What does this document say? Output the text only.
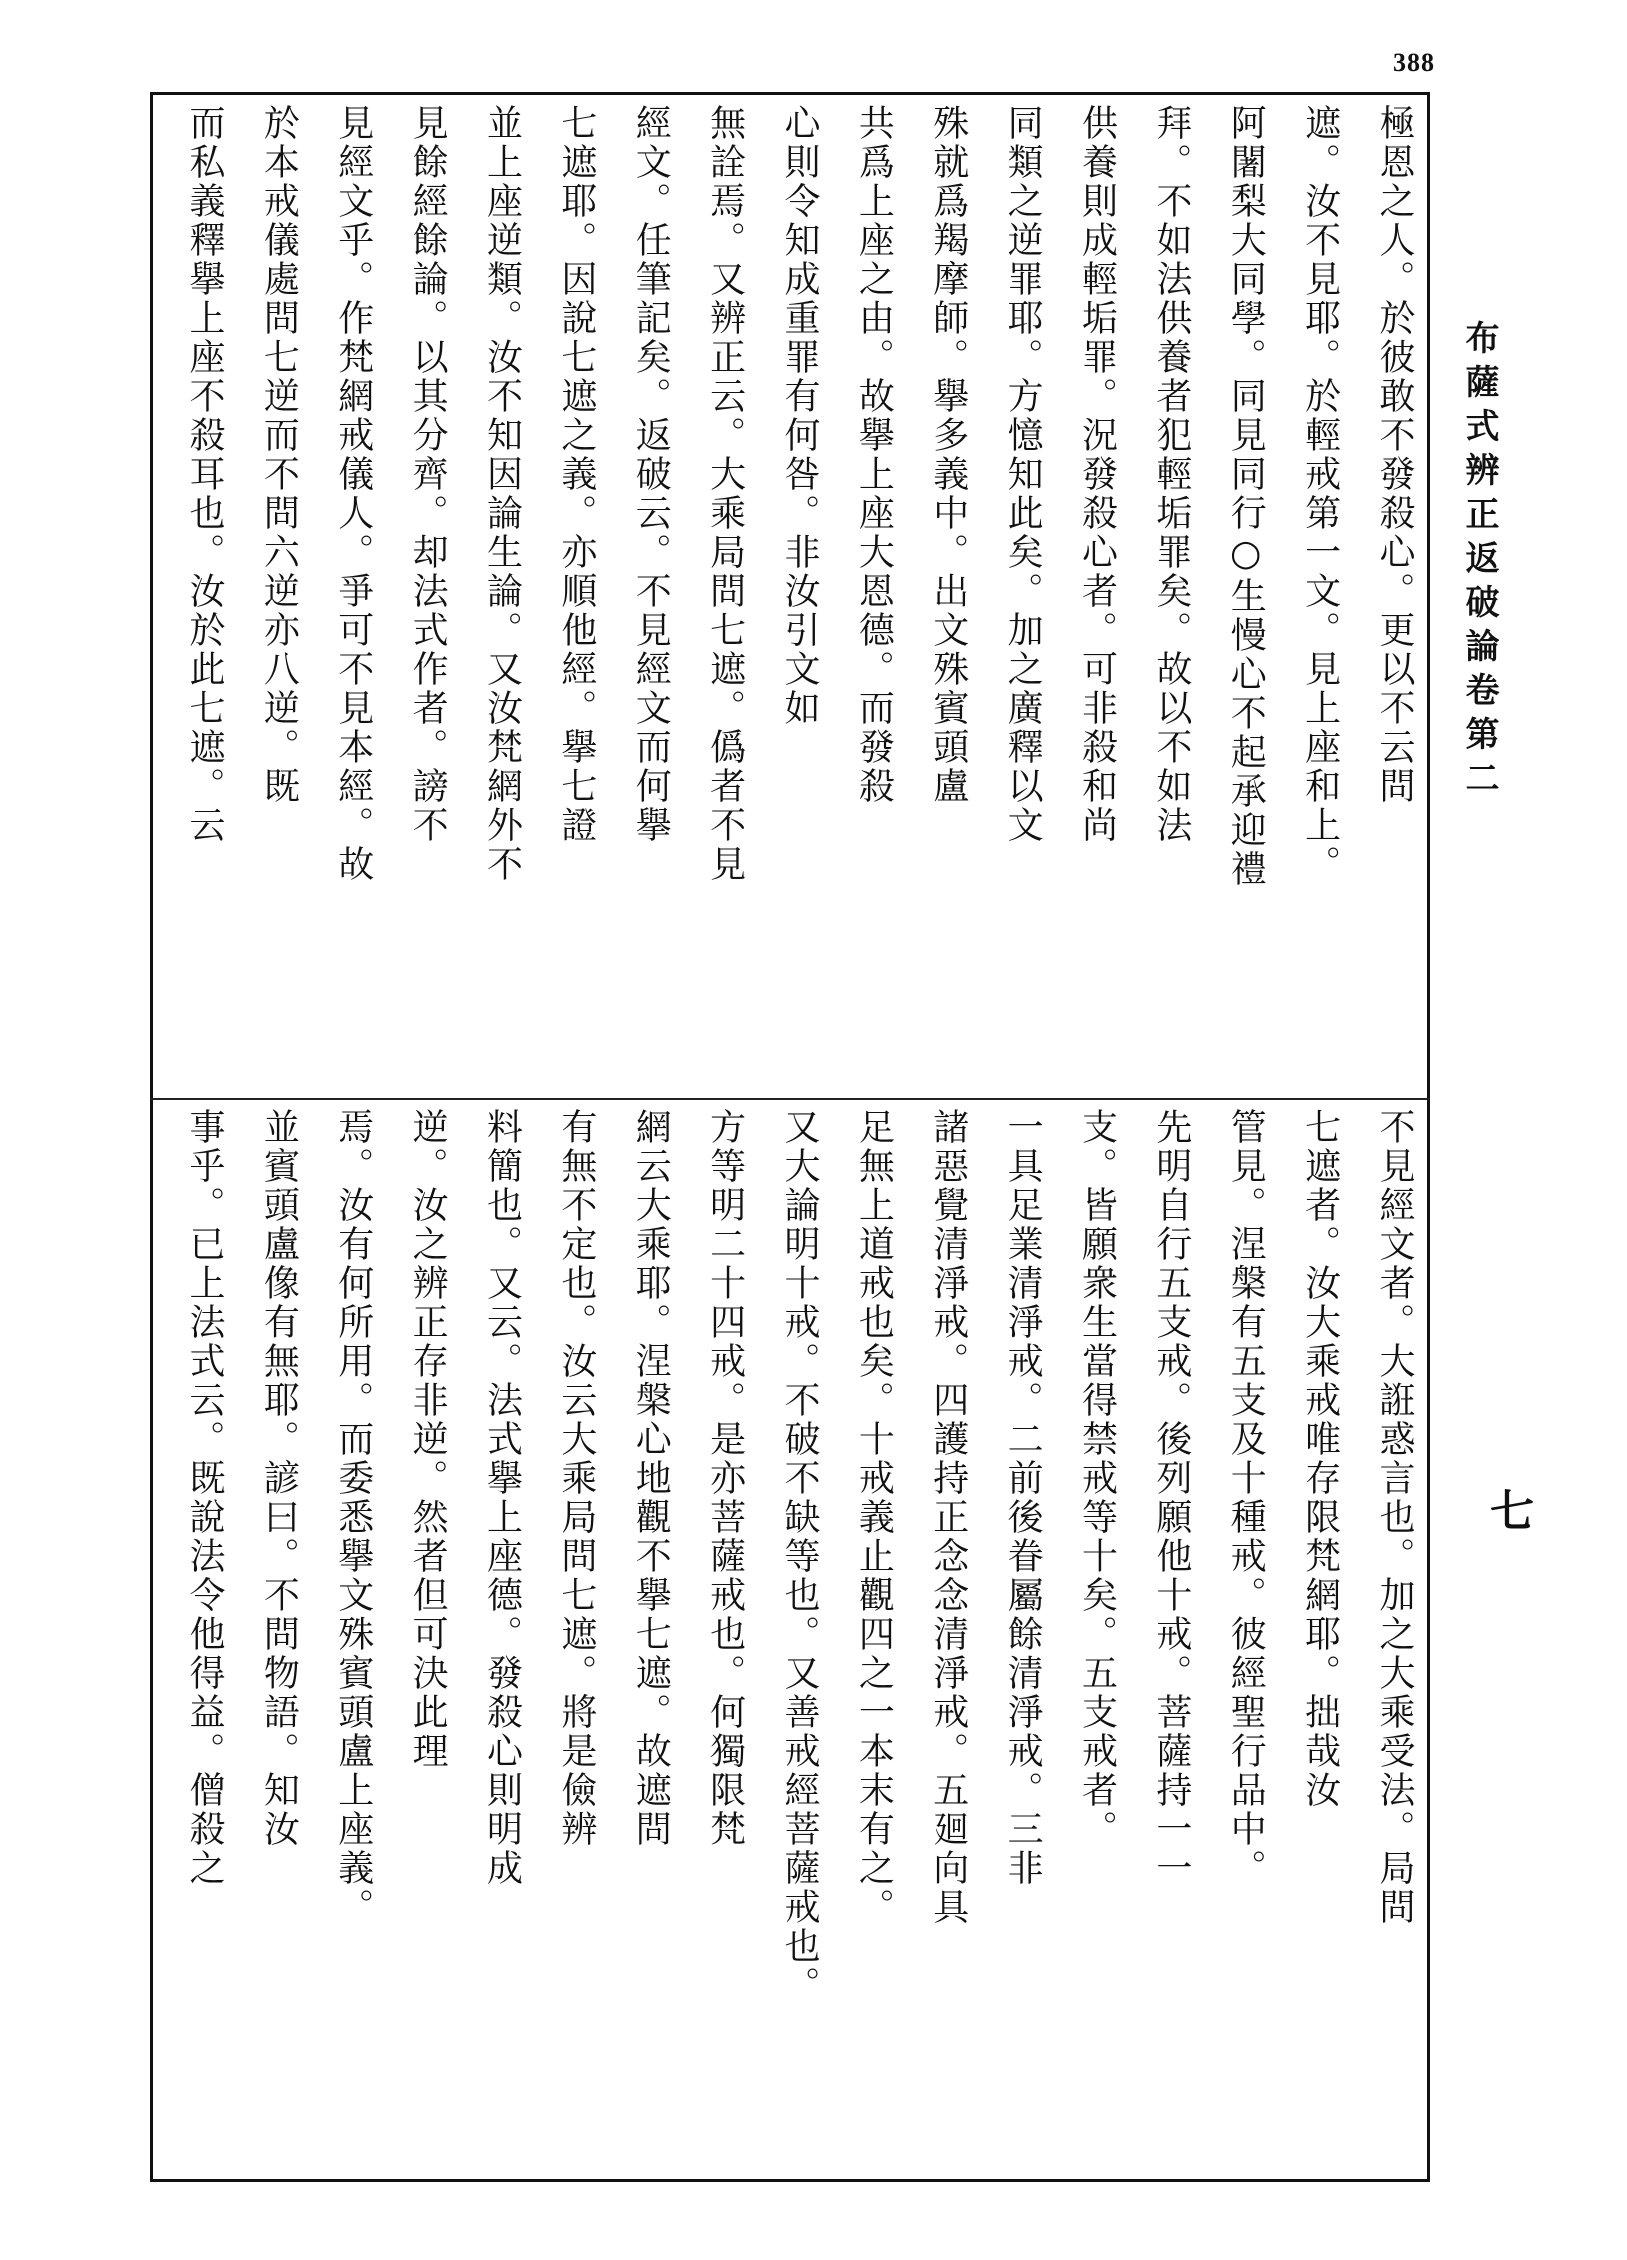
388
布薩式辨正返破論卷第二
七
極恩之人。於彼敢不發殺心。更以不云問
遮。汝不見耶。於輕戒第一文。見上座和上。
阿闍梨大同學。同見同行○生慢心不起承迎禮
拜。不如法供養者犯輕垢罪矣。故以不如法
供養則成輕垢罪。況發殺心者。可非殺和尚
同類之逆罪耶。方憶知此矣。加之廣釋以文
殊就爲羯摩師。擧多義中。出文殊賓頭盧
共爲上座之由。故擧上座大恩德。而發殺
心則令知成重罪有何咎。非汝引文如
無詮焉。又辨正云。大乘局問七遮。僞者不見
經文。任筆記矣。返破云。不見經文而何擧
七遮耶。因說七遮之義。亦順他經。擧七證
並上座逆類。汝不知因論生論。又汝梵網外不
見餘經餘論。以其分齊。却法式作者。謗不
見經文乎。作梵網戒儀人。爭可不見本經。故
於本戒儀處問七逆而不問六逆亦八逆。既
而私義釋擧上座不殺耳也。汝於此七遮。云
不見經文者。大誑惑言也。加之大乘受法。局問
七遮者。汝大乘戒唯存限梵網耶。拙哉汝
管見。涅槃有五支及十種戒。彼經聖行品中。
先明自行五支戒。後列願他十戒。菩薩持一一
支。皆願衆生當得禁戒等十矣。五支戒者。
一具足業清淨戒。二前後眷屬餘清淨戒。三非
諸惡覺清淨戒。四護持正念念清淨戒。五廻向具
足無上道戒也矣。十戒義止觀四之一本末有之。
又大論明十戒。不破不缺等也。又善戒經菩薩戒也。
方等明二十四戒。是亦菩薩戒也。何獨限梵
網云大乘耶。涅槃心地觀不擧七遮。故遮問
有無不定也。汝云大乘局問七遮。將是儉辨
料簡也。又云。法式擧上座德。發殺心則明成
逆。汝之辨正存非逆。然者但可決此理
焉。汝有何所用。而委悉擧文殊賓頭盧上座義。
並賓頭盧像有無耶。諺曰。不問物語。知汝
事乎。已上法式云。既說法令他得益。僧殺之
